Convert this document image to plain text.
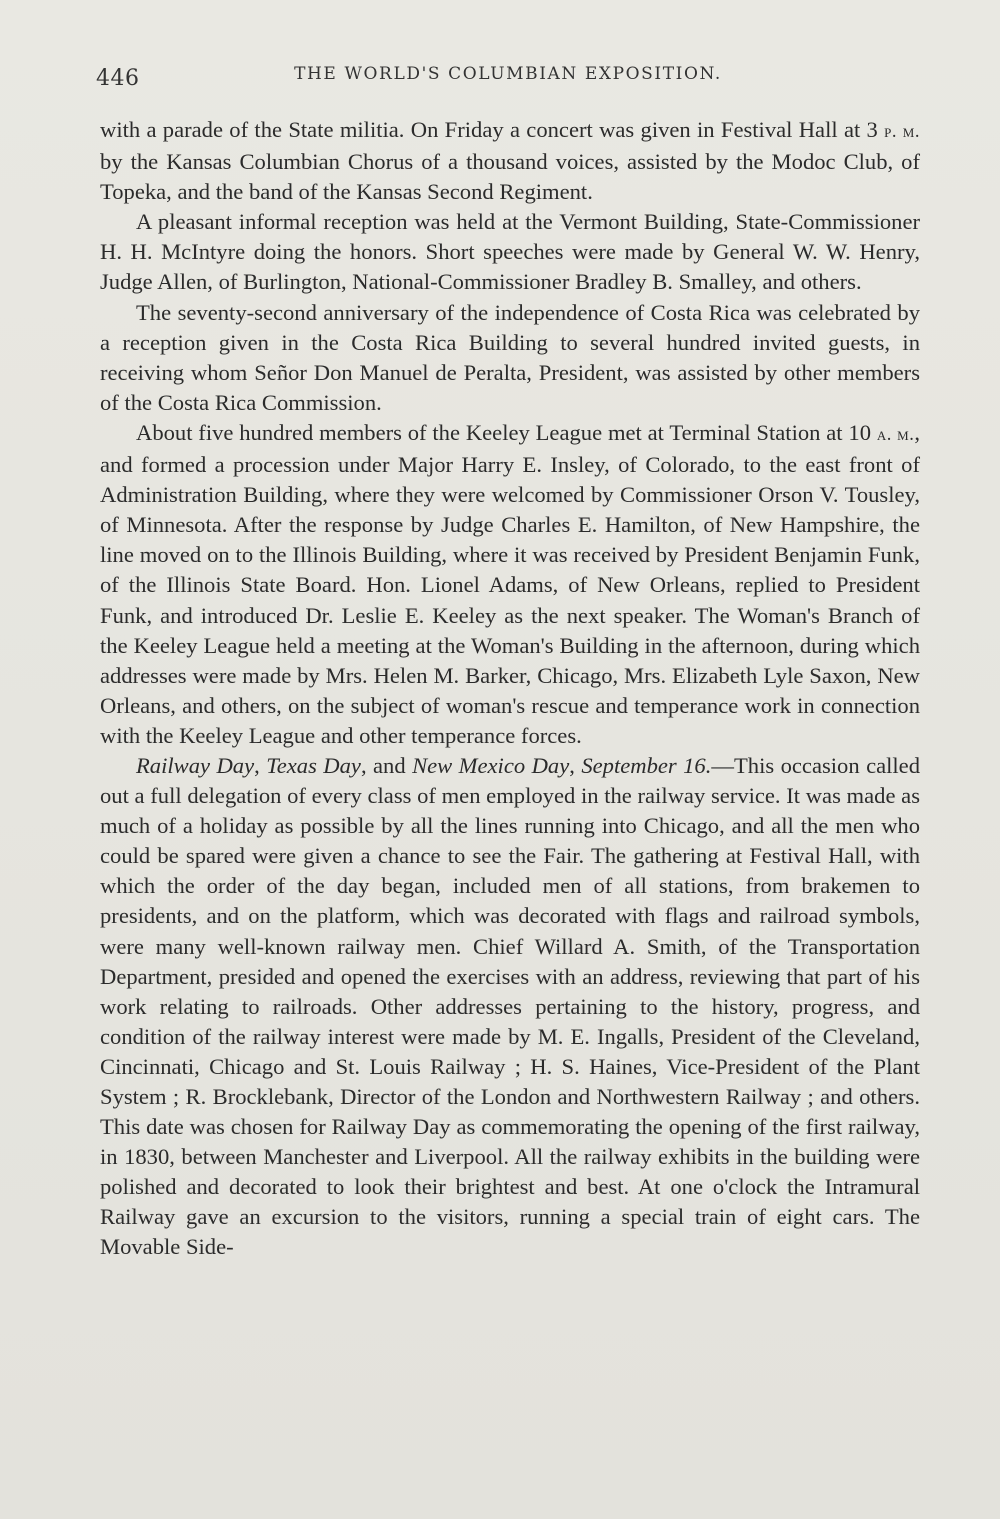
446	THE WORLD'S COLUMBIAN EXPOSITION.

with a parade of the State militia. On Friday a concert was given in Festival Hall at 3 p. m. by the Kansas Columbian Chorus of a thousand voices, assisted by the Modoc Club, of Topeka, and the band of the Kansas Second Regiment.

A pleasant informal reception was held at the Vermont Building, State-Commissioner H. H. McIntyre doing the honors. Short speeches were made by General W. W. Henry, Judge Allen, of Burlington, National-Commissioner Bradley B. Smalley, and others.

The seventy-second anniversary of the independence of Costa Rica was celebrated by a reception given in the Costa Rica Building to several hundred invited guests, in receiving whom Señor Don Manuel de Peralta, President, was assisted by other members of the Costa Rica Commission.

About five hundred members of the Keeley League met at Terminal Station at 10 a. m., and formed a procession under Major Harry E. Insley, of Colorado, to the east front of Administration Building, where they were welcomed by Commissioner Orson V. Tousley, of Minnesota. After the response by Judge Charles E. Hamilton, of New Hampshire, the line moved on to the Illinois Building, where it was received by President Benjamin Funk, of the Illinois State Board. Hon. Lionel Adams, of New Orleans, replied to President Funk, and introduced Dr. Leslie E. Keeley as the next speaker. The Woman's Branch of the Keeley League held a meeting at the Woman's Building in the afternoon, during which addresses were made by Mrs. Helen M. Barker, Chicago, Mrs. Elizabeth Lyle Saxon, New Orleans, and others, on the subject of woman's rescue and temperance work in connection with the Keeley League and other temperance forces.

Railway Day, Texas Day, and New Mexico Day, September 16.—This occasion called out a full delegation of every class of men employed in the railway service. It was made as much of a holiday as possible by all the lines running into Chicago, and all the men who could be spared were given a chance to see the Fair. The gathering at Festival Hall, with which the order of the day began, included men of all stations, from brakemen to presidents, and on the platform, which was decorated with flags and railroad symbols, were many well-known railway men. Chief Willard A. Smith, of the Transportation Department, presided and opened the exercises with an address, reviewing that part of his work relating to railroads. Other addresses pertaining to the history, progress, and condition of the railway interest were made by M. E. Ingalls, President of the Cleveland, Cincinnati, Chicago and St. Louis Railway ; H. S. Haines, Vice-President of the Plant System ; R. Brocklebank, Director of the London and Northwestern Railway ; and others. This date was chosen for Railway Day as commemorating the opening of the first railway, in 1830, between Manchester and Liverpool. All the railway exhibits in the building were polished and decorated to look their brightest and best. At one o'clock the Intramural Railway gave an excursion to the visitors, running a special train of eight cars. The Movable Side-
